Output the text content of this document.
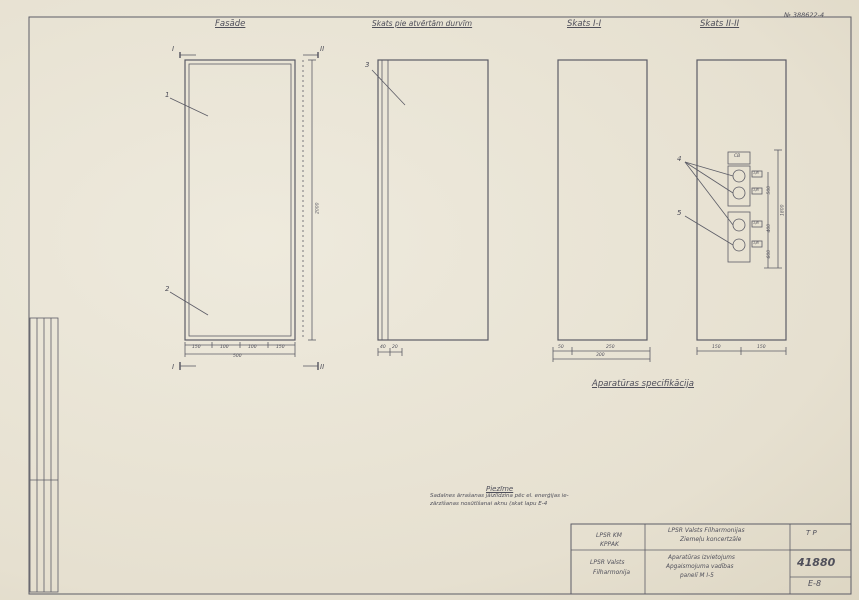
Fasāde	Skats pie atvērtām durvīm	Skats I-I	Skats II-II
№ 388622-4
I
I
II
II
1
2
3
4
5
150	100	100	150
500
2000
40 20	50	250
300
150	150
1800
500
400
600
CB
1/B
1/B
1/B
1/B
Aparatūras specifikācija
Piezīme
Sadalnes ārrašanas jāizlīdzina pēc el. enerģijas ie-
zārzīšanas nosūtīšanai aknu (skat lapu E-4
LPSR KM
KPPAK
LPSR Valsts
Filharmonija
LPSR Valsts Filharmonijas
Ziemeļu koncertzāle
T P
Aparatūras izvietojums
Apgaismojuma vadības
panelī M I-5
41880
E-8
